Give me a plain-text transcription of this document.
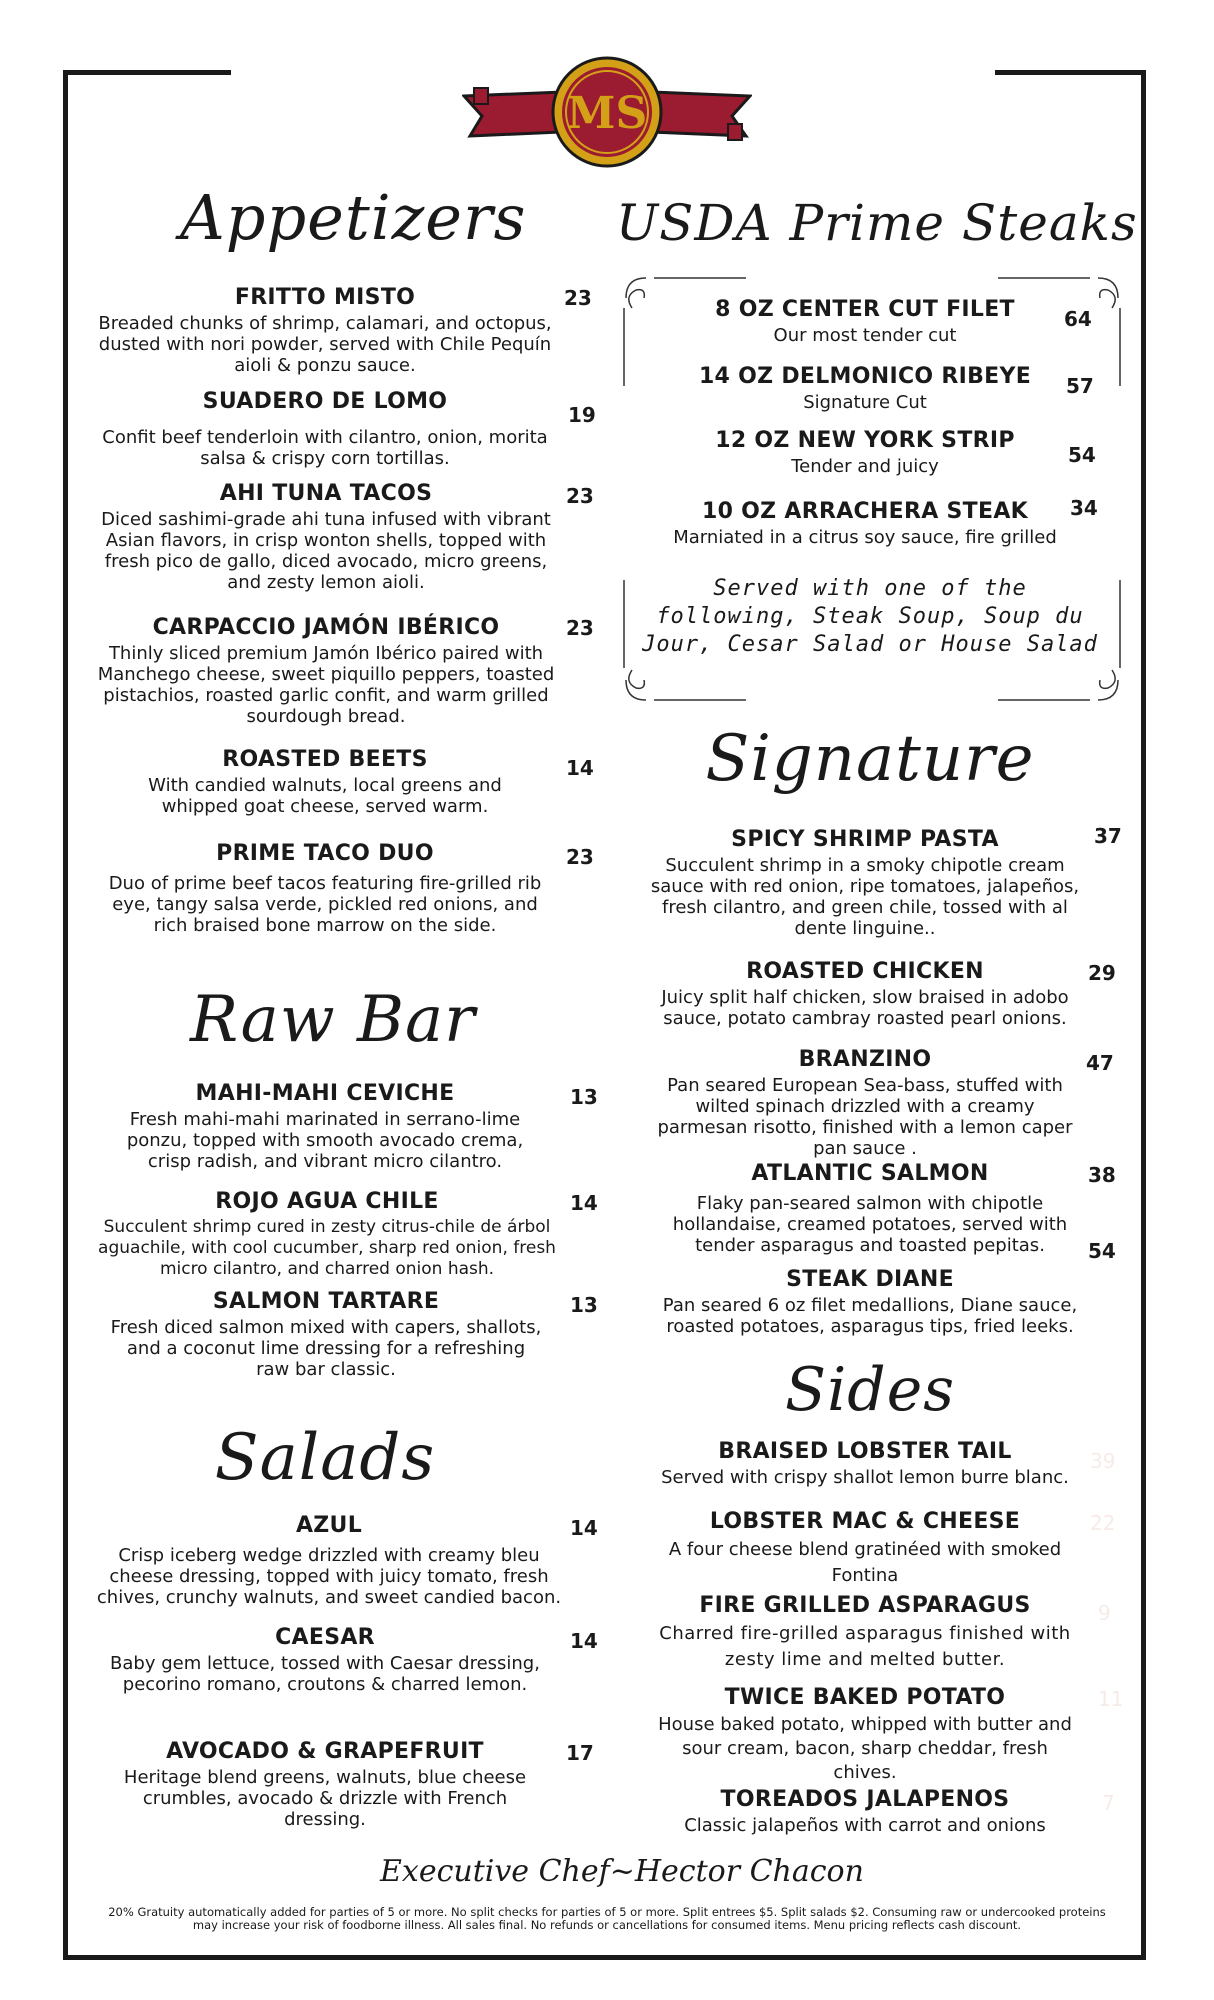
MS
Appetizers
FRITTO MISTO
Breaded chunks of shrimp, calamari, and octopus, dusted with nori powder, served with Chile Pequín aioli & ponzu sauce.
23
SUADERO DE LOMO
Confit beef tenderloin with cilantro, onion, morita salsa & crispy corn tortillas.
19
AHI TUNA TACOS
Diced sashimi-grade ahi tuna infused with vibrant Asian flavors, in crisp wonton shells, topped with fresh pico de gallo, diced avocado, micro greens, and zesty lemon aioli.
23
CARPACCIO JAMÓN IBÉRICO
Thinly sliced premium Jamón Ibérico paired with Manchego cheese, sweet piquillo peppers, toasted pistachios, roasted garlic confit, and warm grilled sourdough bread.
23
ROASTED BEETS
With candied walnuts, local greens and whipped goat cheese, served warm.
14
PRIME TACO DUO
Duo of prime beef tacos featuring fire-grilled rib eye, tangy salsa verde, pickled red onions, and rich braised bone marrow on the side.
23
Raw Bar
MAHI-MAHI CEVICHE
Fresh mahi-mahi marinated in serrano-lime ponzu, topped with smooth avocado crema, crisp radish, and vibrant micro cilantro.
13
ROJO AGUA CHILE
Succulent shrimp cured in zesty citrus-chile de árbol aguachile, with cool cucumber, sharp red onion, fresh micro cilantro, and charred onion hash.
14
SALMON TARTARE
Fresh diced salmon mixed with capers, shallots, and a coconut lime dressing for a refreshing raw bar classic.
13
Salads
AZUL
Crisp iceberg wedge drizzled with creamy bleu cheese dressing, topped with juicy tomato, fresh chives, crunchy walnuts, and sweet candied bacon.
14
CAESAR
Baby gem lettuce, tossed with Caesar dressing, pecorino romano, croutons & charred lemon.
14
AVOCADO & GRAPEFRUIT
Heritage blend greens, walnuts, blue cheese crumbles, avocado & drizzle with French dressing.
17
USDA Prime Steaks
8 OZ CENTER CUT FILET
Our most tender cut
64
14 OZ DELMONICO RIBEYE
Signature Cut
57
12 OZ NEW YORK STRIP
Tender and juicy	54
10 OZ ARRACHERA STEAK
Marniated in a citrus soy sauce, fire grilled
34
Served with one of the following, Steak Soup, Soup du Jour, Cesar Salad or House Salad
Signature
SPICY SHRIMP PASTA
Succulent shrimp in a smoky chipotle cream sauce with red onion, ripe tomatoes, jalapeños, fresh cilantro, and green chile, tossed with al dente linguine..
37
ROASTED CHICKEN
Juicy split half chicken, slow braised in adobo sauce, potato cambray roasted pearl onions.
29
BRANZINO
Pan seared European Sea-bass, stuffed with wilted spinach drizzled with a creamy parmesan risotto, finished with a lemon caper pan sauce .
47
ATLANTIC SALMON
Flaky pan-seared salmon with chipotle hollandaise, creamed potatoes, served with tender asparagus and toasted pepitas.
38
STEAK DIANE
Pan seared 6 oz filet medallions, Diane sauce, roasted potatoes, asparagus tips, fried leeks.
54
Sides
BRAISED LOBSTER TAIL
Served with crispy shallot lemon burre blanc.
39
LOBSTER MAC & CHEESE
A four cheese blend gratinéed with smoked Fontina
22
FIRE GRILLED ASPARAGUS
Charred fire-grilled asparagus finished with zesty lime and melted butter.
9
TWICE BAKED POTATO
House baked potato, whipped with butter and sour cream, bacon, sharp cheddar, fresh chives.
11
TOREADOS JALAPENOS
Classic jalapeños with carrot and onions
7
Executive Chef~Hector Chacon
20% Gratuity automatically added for parties of 5 or more. No split checks for parties of 5 or more. Split entrees $5. Split salads $2. Consuming raw or undercooked proteins may increase your risk of foodborne illness. All sales final. No refunds or cancellations for consumed items. Menu pricing reflects cash discount.
